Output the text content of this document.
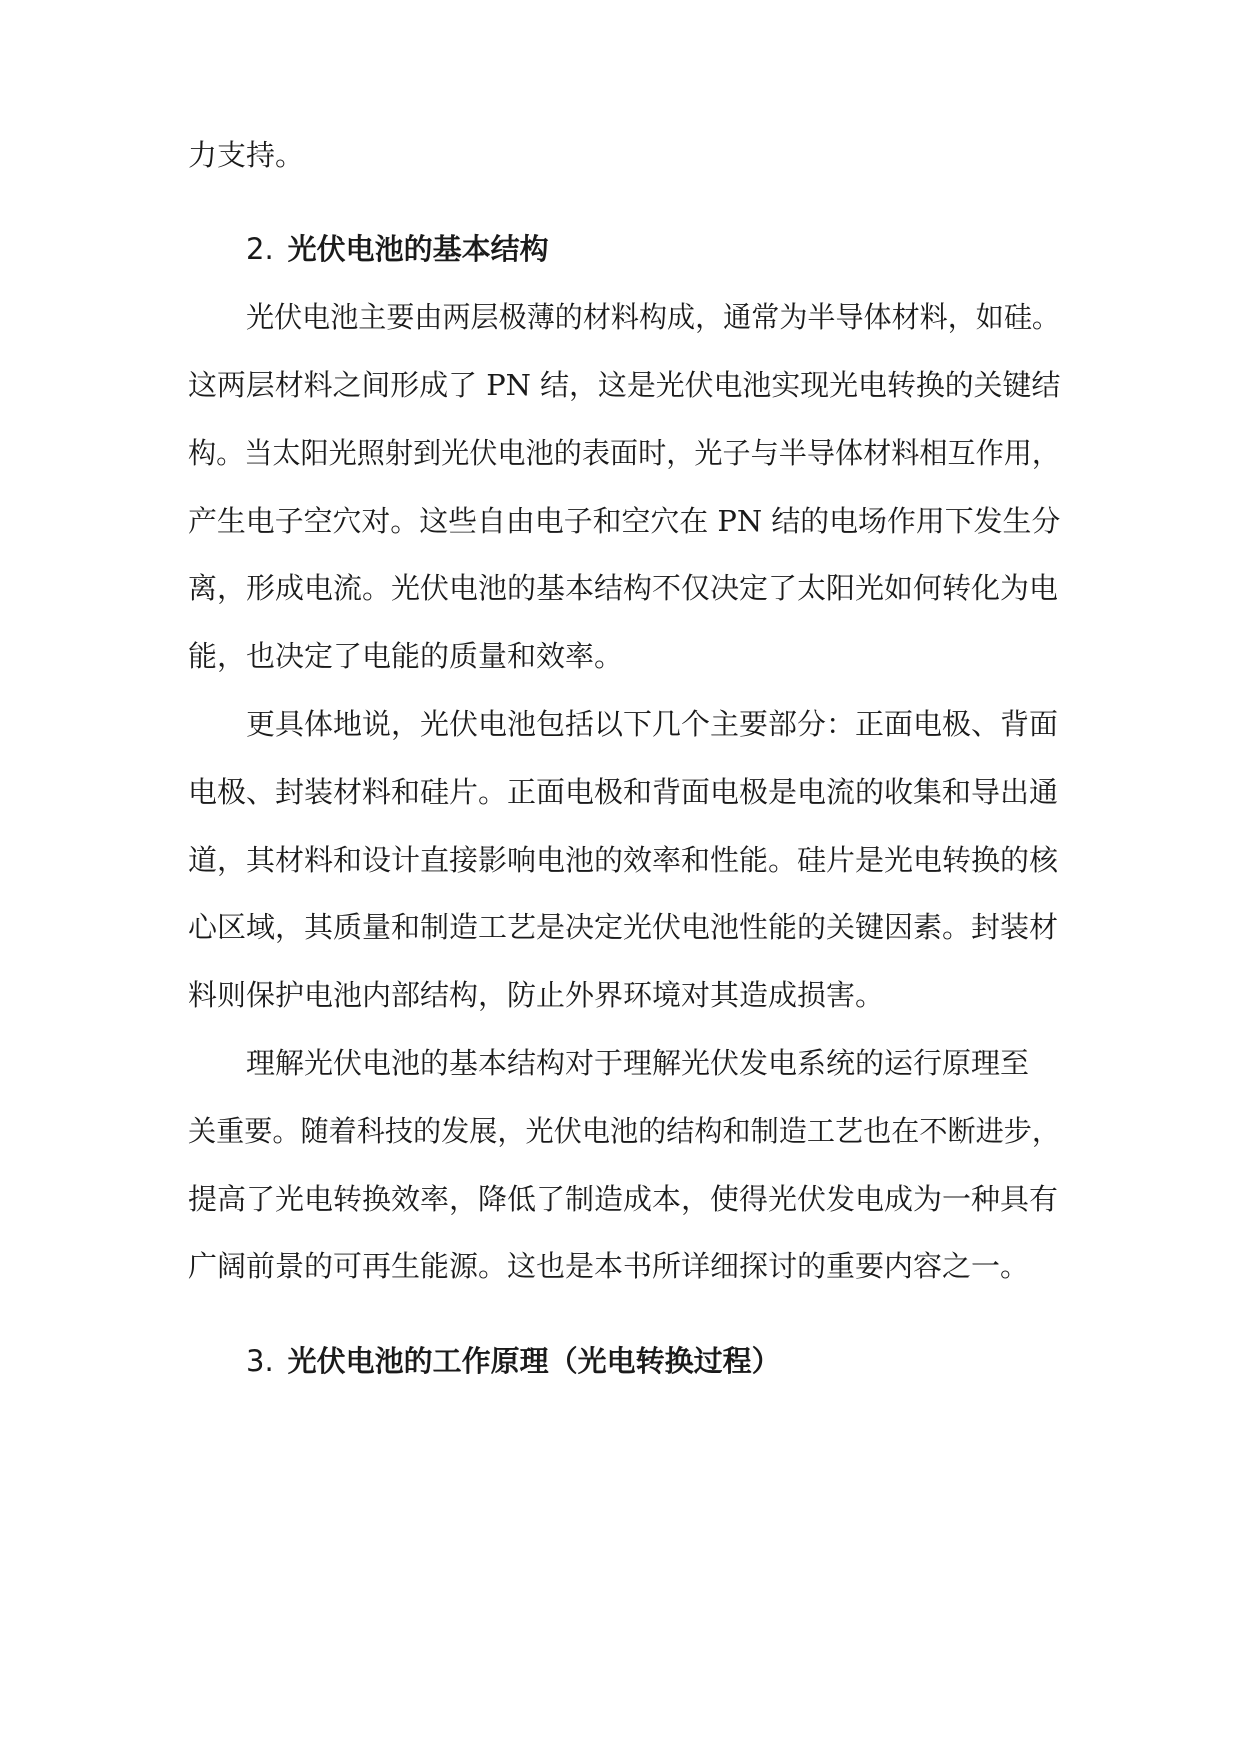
力支持。
2. 光伏电池的基本结构
光伏电池主要由两层极薄的材料构成，通常为半导体材料，如硅。
这两层材料之间形成了 PN 结，这是光伏电池实现光电转换的关键结
构。当太阳光照射到光伏电池的表面时，光子与半导体材料相互作用，
产生电子空穴对。这些自由电子和空穴在 PN 结的电场作用下发生分
离，形成电流。光伏电池的基本结构不仅决定了太阳光如何转化为电
能，也决定了电能的质量和效率。
更具体地说，光伏电池包括以下几个主要部分：正面电极、背面
电极、封装材料和硅片。正面电极和背面电极是电流的收集和导出通
道，其材料和设计直接影响电池的效率和性能。硅片是光电转换的核
心区域，其质量和制造工艺是决定光伏电池性能的关键因素。封装材
料则保护电池内部结构，防止外界环境对其造成损害。
理解光伏电池的基本结构对于理解光伏发电系统的运行原理至
关重要。随着科技的发展，光伏电池的结构和制造工艺也在不断进步，
提高了光电转换效率，降低了制造成本，使得光伏发电成为一种具有
广阔前景的可再生能源。这也是本书所详细探讨的重要内容之一。
3. 光伏电池的工作原理（光电转换过程）
